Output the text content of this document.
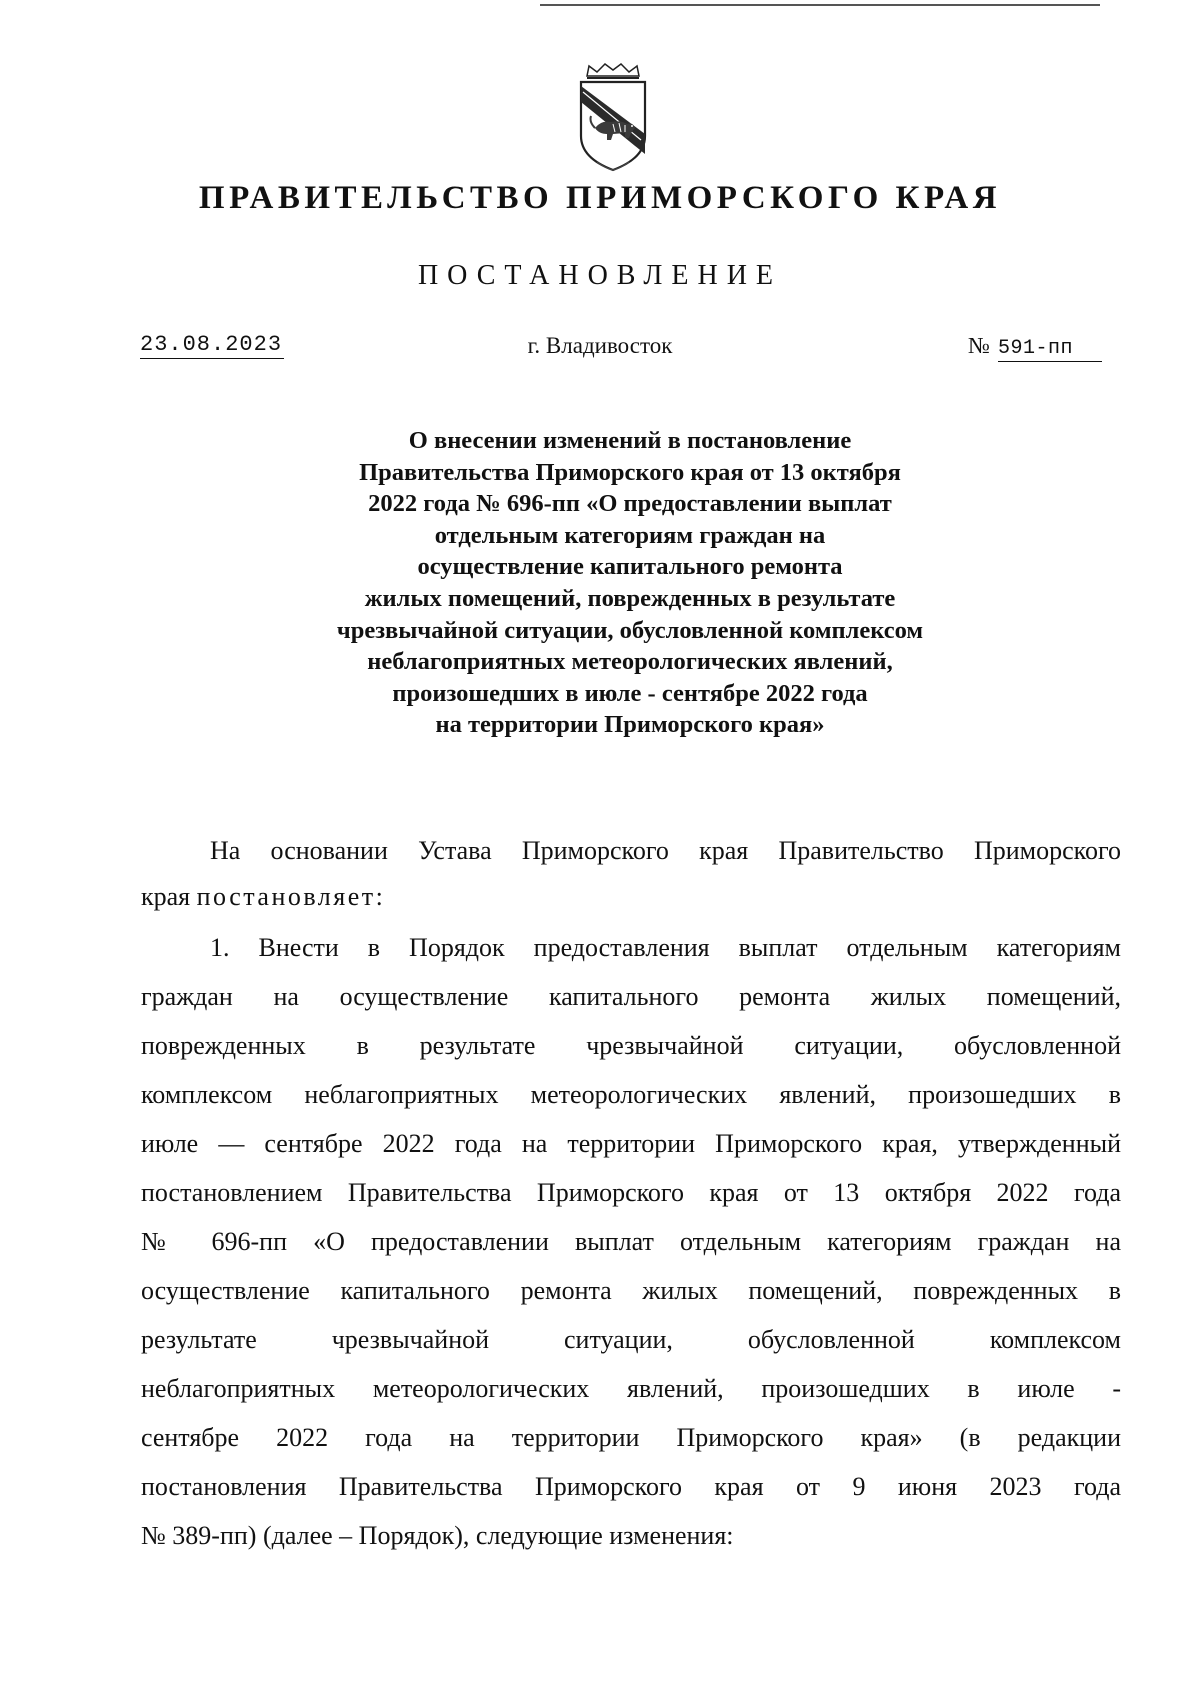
ПРАВИТЕЛЬСТВО ПРИМОРСКОГО КРАЯ
ПОСТАНОВЛЕНИЕ
23.08.2023	г. Владивосток	№ 591-пп
О внесении изменений в постановление
Правительства Приморского края от 13 октября
2022 года № 696-пп «О предоставлении выплат
отдельным категориям граждан на
осуществление капитального ремонта
жилых помещений, поврежденных в результате
чрезвычайной ситуации, обусловленной комплексом
неблагоприятных метеорологических явлений,
произошедших в июле - сентябре 2022 года
на территории Приморского края»
На основании Устава Приморского края Правительство Приморского
края постановляет:
1. Внести в Порядок предоставления выплат отдельным категориям
граждан на осуществление капитального ремонта жилых помещений,
поврежденных в результате чрезвычайной ситуации, обусловленной
комплексом неблагоприятных метеорологических явлений, произошедших в
июле — сентябре 2022 года на территории Приморского края, утвержденный
постановлением Правительства Приморского края от 13 октября 2022 года
№ 696-пп «О предоставлении выплат отдельным категориям граждан на
осуществление капитального ремонта жилых помещений, поврежденных в
результате чрезвычайной ситуации, обусловленной комплексом
неблагоприятных метеорологических явлений, произошедших в июле -
сентябре 2022 года на территории Приморского края» (в редакции
постановления Правительства Приморского края от 9 июня 2023 года
№ 389-пп) (далее – Порядок), следующие изменения:
